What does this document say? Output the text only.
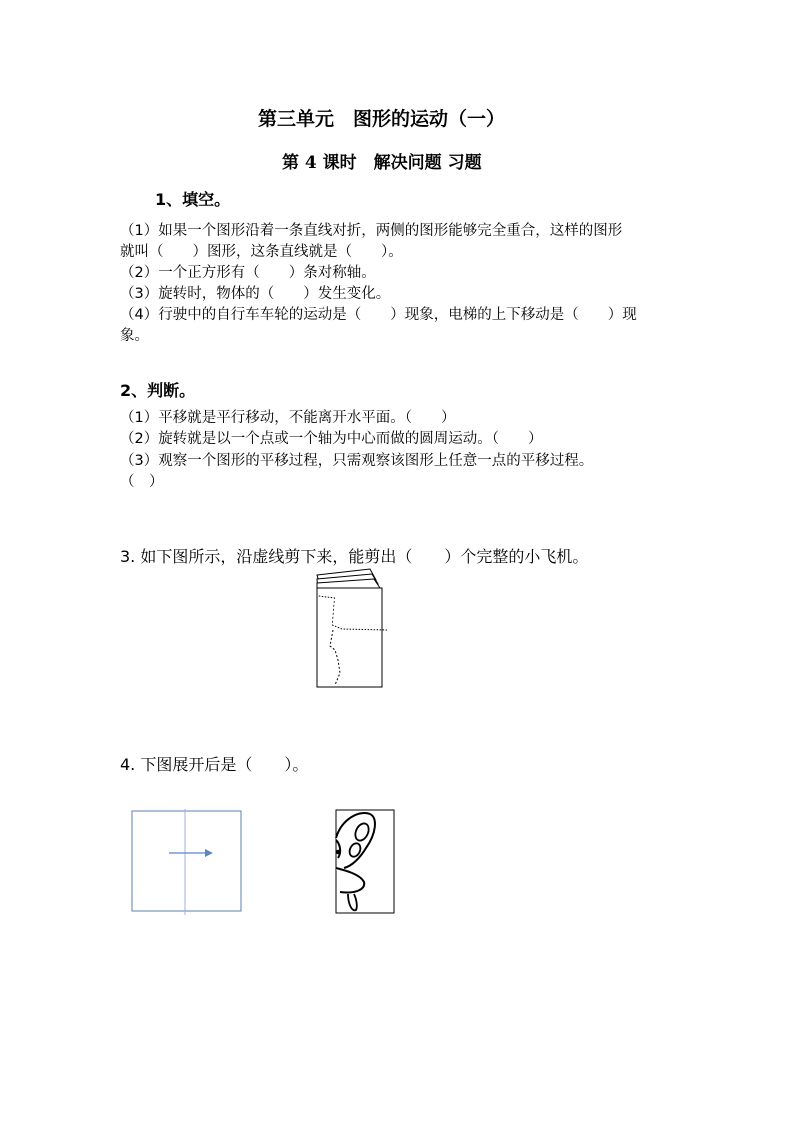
第三单元　图形的运动（一）
第 4 课时　解决问题 习题
1、填空。
（1）如果一个图形沿着一条直线对折，两侧的图形能够完全重合，这样的图形
就叫（　　）图形，这条直线就是（　　）。
（2）一个正方形有（　　）条对称轴。
（3）旋转时，物体的（　　）发生变化。
（4）行驶中的自行车车轮的运动是（　　）现象，电梯的上下移动是（　　）现
象。
2、判断。
（1）平移就是平行移动，不能离开水平面。（　　）
（2）旋转就是以一个点或一个轴为中心而做的圆周运动。（　　）
（3）观察一个图形的平移过程，只需观察该图形上任意一点的平移过程。
（　）
3. 如下图所示，沿虚线剪下来，能剪出（　　）个完整的小飞机。
4. 下图展开后是（　　）。
